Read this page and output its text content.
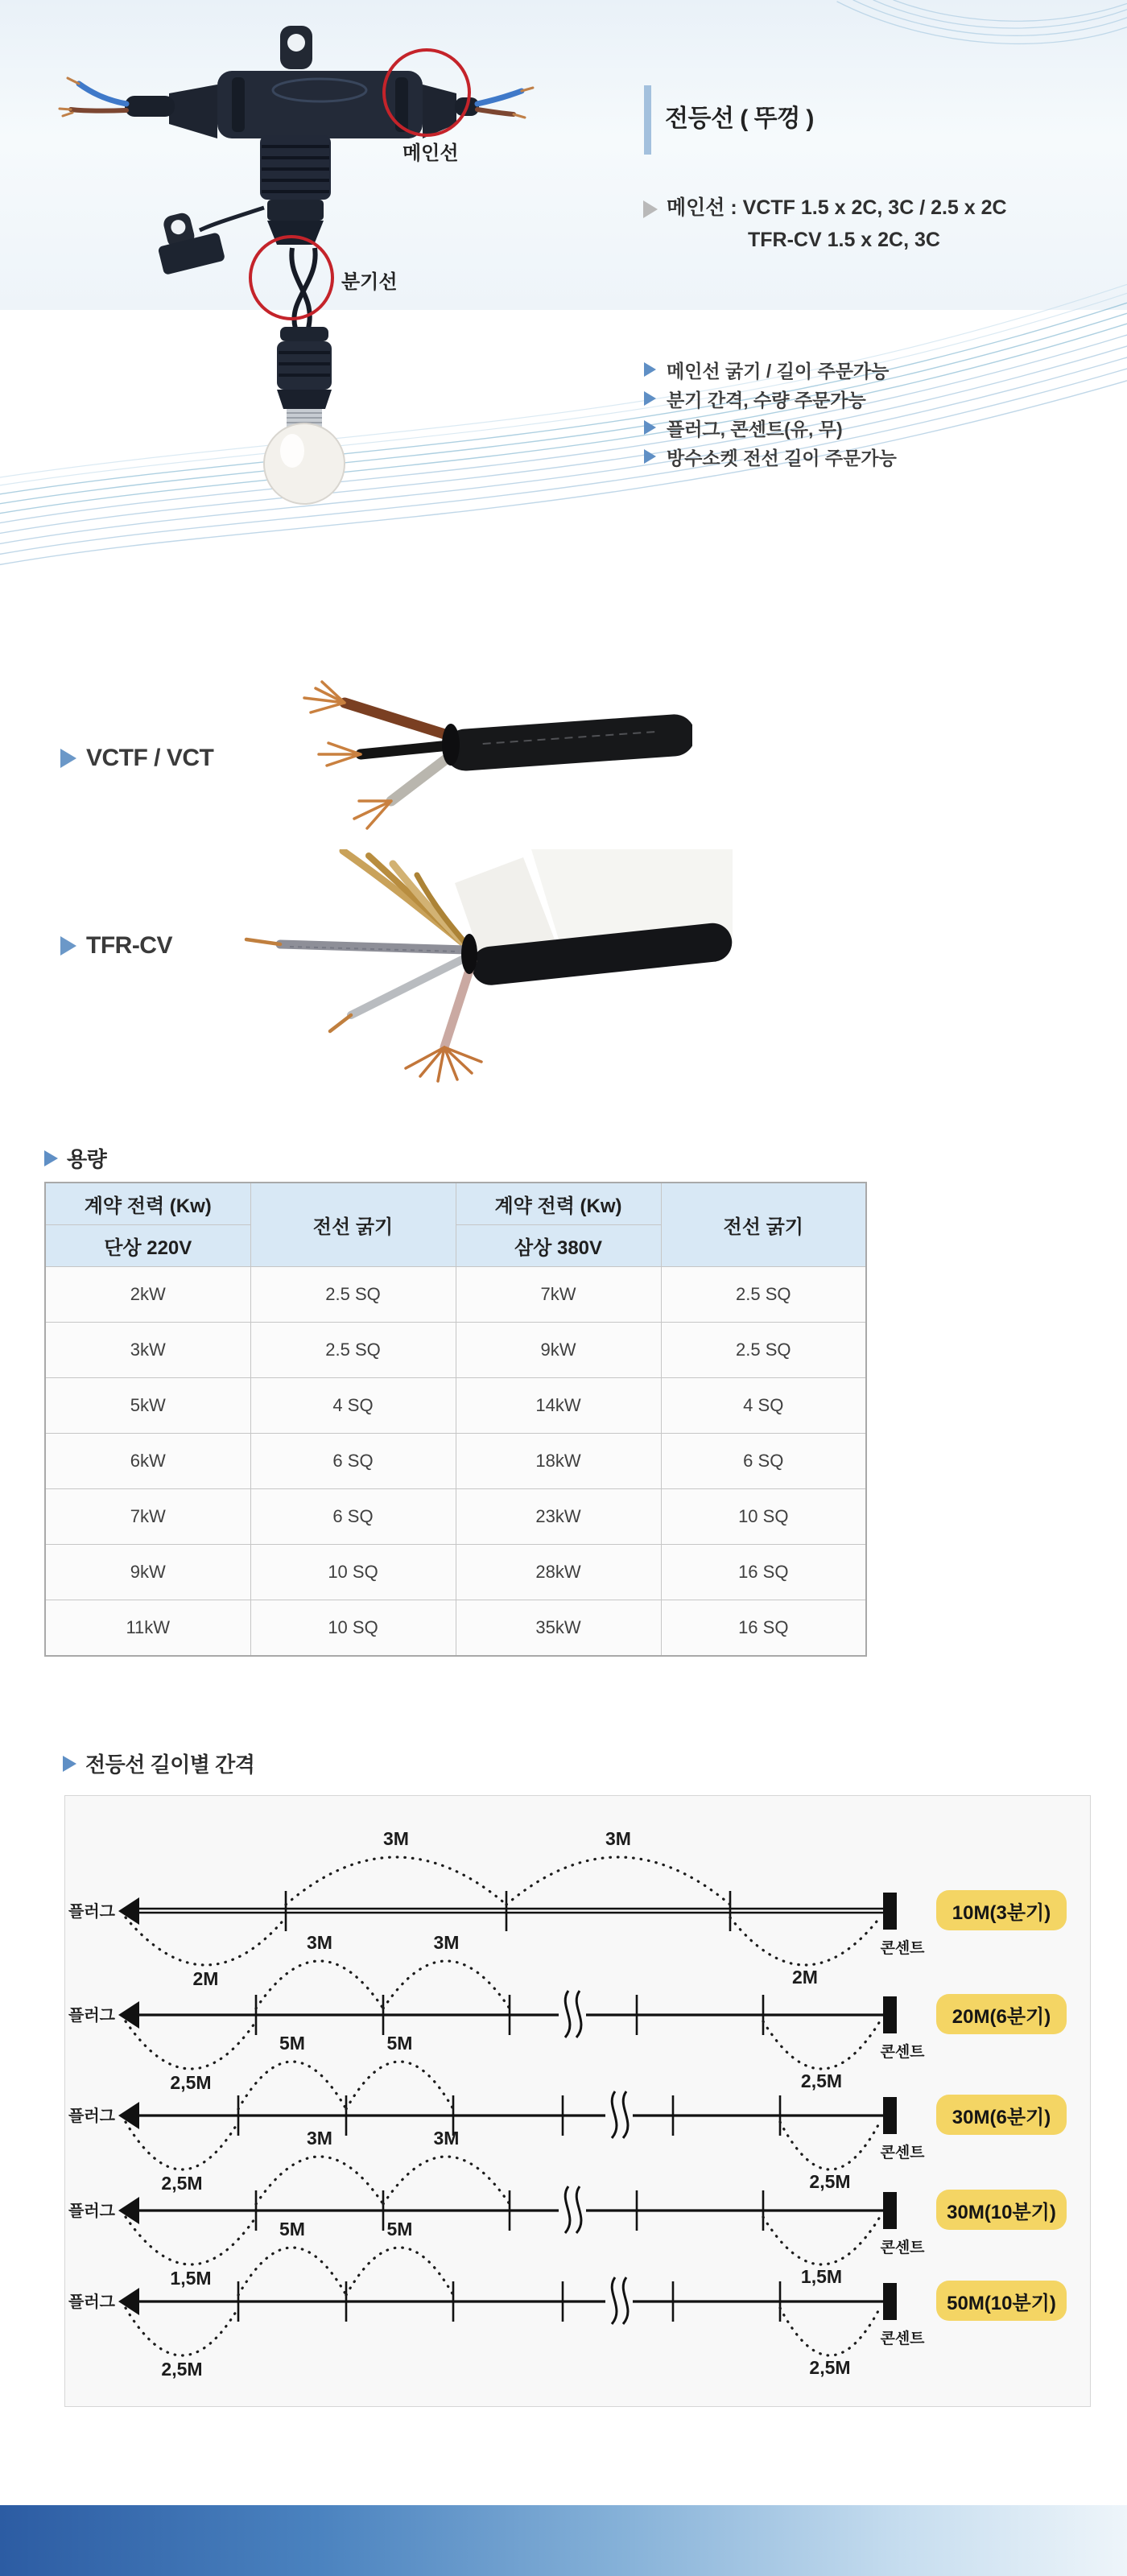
메인선
분기선
전등선 ( 뚜껑 )
메인선 : VCTF 1.5 x 2C, 3C / 2.5 x 2C
TFR-CV 1.5 x 2C, 3C
메인선 굵기 / 길이 주문가능
분기 간격, 수량 주문가능
플러그, 콘센트(유, 무)
방수소켓 전선 길이 주문가능
VCTF / VCT
TFR-CV
용량
계약 전력 (Kw)	전선 굵기	계약 전력 (Kw)	전선 굵기
단상 220V		삼상 380V	
2kW	2.5 SQ	7kW	2.5 SQ
3kW	2.5 SQ	9kW	2.5 SQ
5kW	4 SQ	14kW	4 SQ
6kW	6 SQ	18kW	6 SQ
7kW	6 SQ	23kW	10 SQ
9kW	10 SQ	28kW	16 SQ
11kW	10 SQ	35kW	16 SQ
전등선 길이별 간격
플러그
콘센트
3M	3M
2M	2M
플러그
콘센트
3M	3M
2,5M	2,5M
플러그
콘센트
5M	5M
2,5M	2,5M
플러그
콘센트
3M	3M
1,5M	1,5M
플러그
콘센트
5M	5M
2,5M	2,5M
10M(3분기)
20M(6분기)
30M(6분기)
30M(10분기)
50M(10분기)
